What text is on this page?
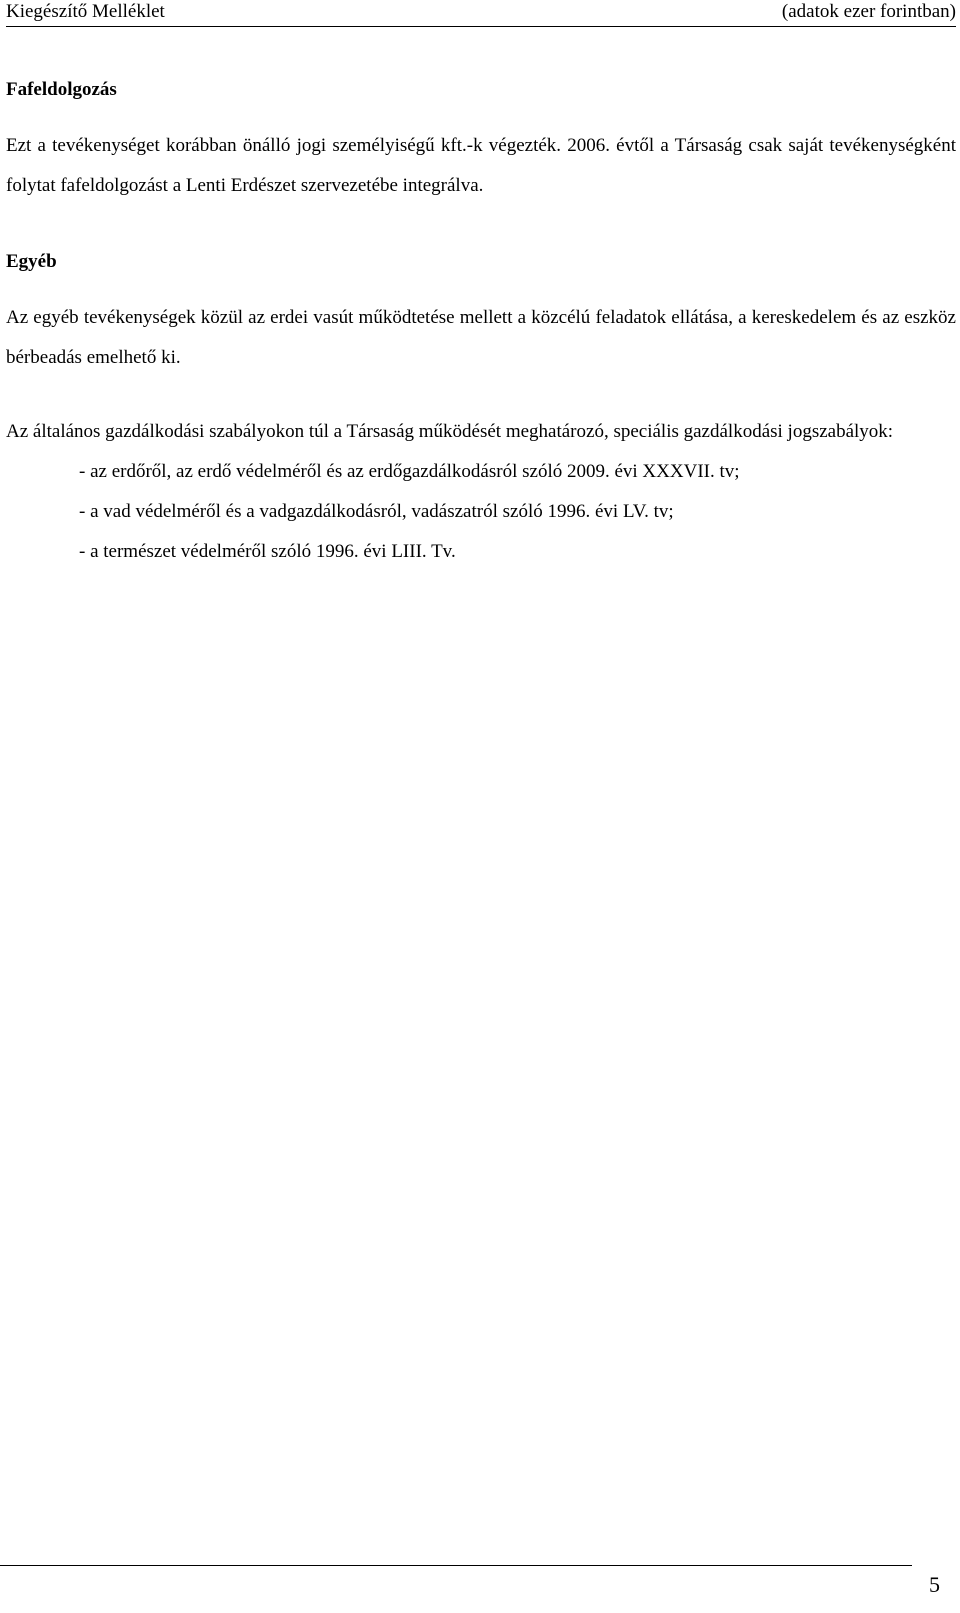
Kiegészítő Melléklet	(adatok ezer forintban)

Fafeldolgozás

Ezt a tevékenységet korábban önálló jogi személyiségű kft.-k végezték. 2006. évtől a Társaság csak saját tevékenységként folytat fafeldolgozást a Lenti Erdészet szervezetébe integrálva.

Egyéb

Az egyéb tevékenységek közül az erdei vasút működtetése mellett a közcélú feladatok ellátása, a kereskedelem és az eszköz bérbeadás emelhető ki.

Az általános gazdálkodási szabályokon túl a Társaság működését meghatározó, speciális gazdálkodási jogszabályok:

- az erdőről, az erdő védelméről és az erdőgazdálkodásról szóló 2009. évi XXXVII. tv;

- a vad védelméről és a vadgazdálkodásról, vadászatról szóló 1996. évi LV. tv;

- a természet védelméről szóló 1996. évi LIII. Tv.

5
